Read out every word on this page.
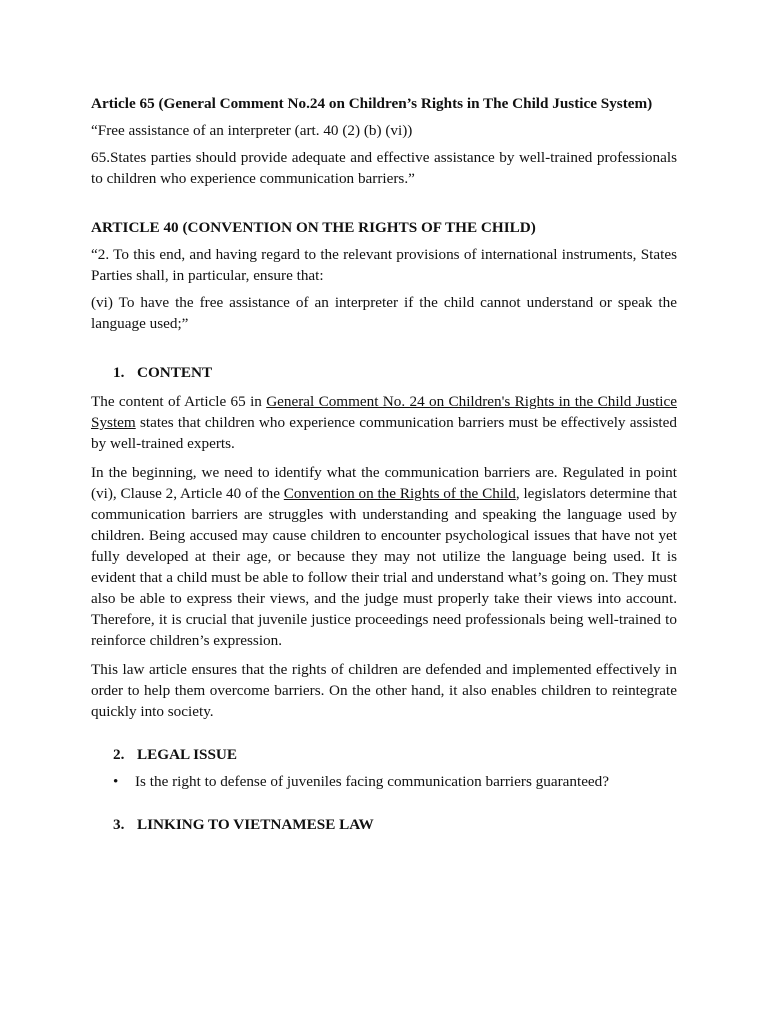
Article 65 (General Comment No.24 on Children’s Rights in The Child Justice System)

“Free assistance of an interpreter (art. 40 (2) (b) (vi))

65.States parties should provide adequate and effective assistance by well-trained professionals to children who experience communication barriers.”

ARTICLE 40 (CONVENTION ON THE RIGHTS OF THE CHILD)

“2. To this end, and having regard to the relevant provisions of international instruments, States Parties shall, in particular, ensure that:

(vi) To have the free assistance of an interpreter if the child cannot understand or speak the language used;”

1. CONTENT

The content of Article 65 in General Comment No. 24 on Children's Rights in the Child Justice System states that children who experience communication barriers must be effectively assisted by well-trained experts.

In the beginning, we need to identify what the communication barriers are. Regulated in point (vi), Clause 2, Article 40 of the Convention on the Rights of the Child, legislators determine that communication barriers are struggles with understanding and speaking the language used by children. Being accused may cause children to encounter psychological issues that have not yet fully developed at their age, or because they may not utilize the language being used. It is evident that a child must be able to follow their trial and understand what’s going on. They must also be able to express their views, and the judge must properly take their views into account. Therefore, it is crucial that juvenile justice proceedings need professionals being well-trained to reinforce children’s expression.

This law article ensures that the rights of children are defended and implemented effectively in order to help them overcome barriers. On the other hand, it also enables children to reintegrate quickly into society.

2. LEGAL ISSUE
•	Is the right to defense of juveniles facing communication barriers guaranteed?
3. LINKING TO VIETNAMESE LAW
